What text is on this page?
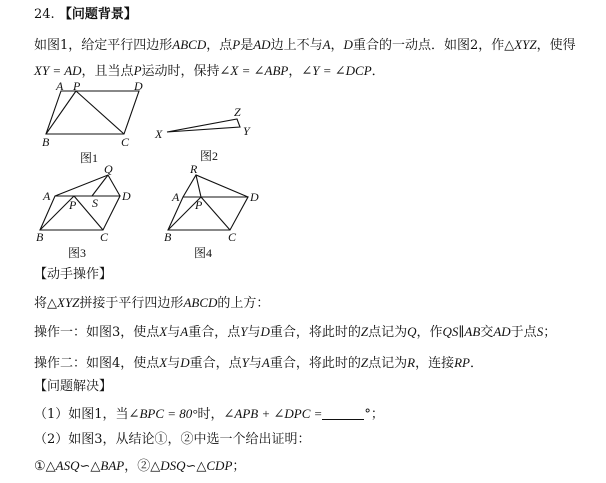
24. 【问题背景】
如图1，给定平行四边形ABCD，点P是AD边上不与A，D重合的一动点．如图2，作△XYZ，使得
XY = AD，且当点P运动时，保持∠X = ∠ABP，∠Y = ∠DCP．
A P	D
B	C
图1
X	Y
Z
图2
Q
A	D
P S
B	C
图3
R
A	D
P
B	C
图4
【动手操作】
将△XYZ拼接于平行四边形ABCD的上方：
操作一：如图3，使点X与A重合，点Y与D重合，将此时的Z点记为Q，作QS∥AB交AD于点S；
操作二：如图4，使点X与D重合，点Y与A重合，将此时的Z点记为R，连接RP．
【问题解决】
（1）如图1，当∠BPC = 80°时，∠APB + ∠DPC =	°；
（2）如图3，从结论①，②中选一个给出证明：
①△ASQ∽△BAP，②△DSQ∽△CDP；
